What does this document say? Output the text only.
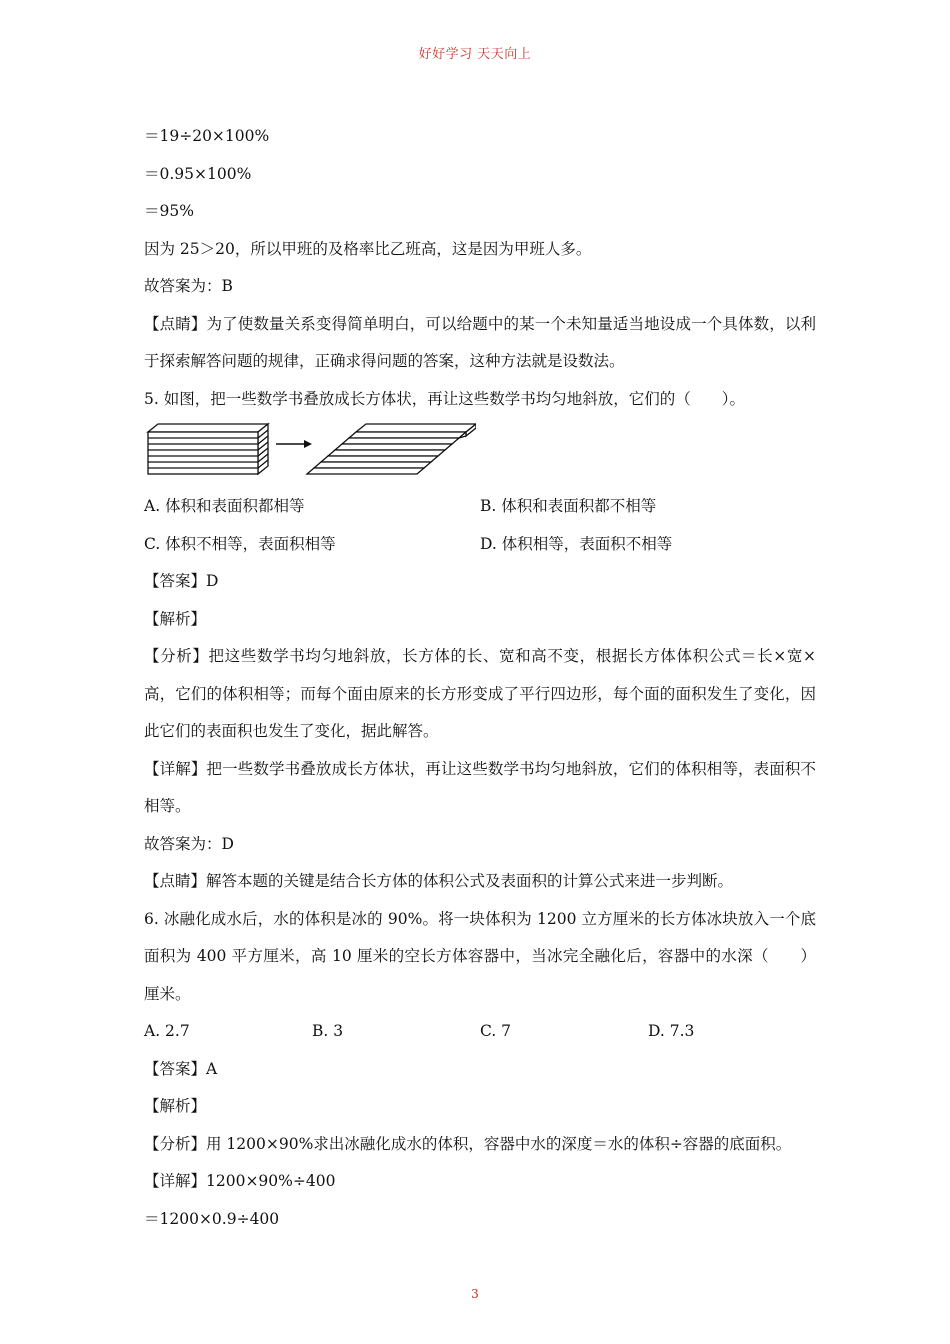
好好学习 天天向上
＝19÷20×100%
＝0.95×100%
＝95%
因为 25＞20，所以甲班的及格率比乙班高，这是因为甲班人多。
故答案为：B
【点睛】为了使数量关系变得简单明白，可以给题中的某一个未知量适当地设成一个具体数，以利于探索解答问题的规律，正确求得问题的答案，这种方法就是设数法。
5. 如图，把一些数学书叠放成长方体状，再让这些数学书均匀地斜放，它们的（　　）。
A. 体积和表面积都相等	B. 体积和表面积都不相等
C. 体积不相等，表面积相等	D. 体积相等，表面积不相等
【答案】D
【解析】
【分析】把这些数学书均匀地斜放，长方体的长、宽和高不变，根据长方体体积公式＝长×宽×高，它们的体积相等；而每个面由原来的长方形变成了平行四边形，每个面的面积发生了变化，因此它们的表面积也发生了变化，据此解答。
【详解】把一些数学书叠放成长方体状，再让这些数学书均匀地斜放，它们的体积相等，表面积不相等。
故答案为：D
【点睛】解答本题的关键是结合长方体的体积公式及表面积的计算公式来进一步判断。
6. 冰融化成水后，水的体积是冰的 90%。将一块体积为 1200 立方厘米的长方体冰块放入一个底面积为 400 平方厘米，高 10 厘米的空长方体容器中，当冰完全融化后，容器中的水深（　　）厘米。
A. 2.7	B. 3	C. 7	D. 7.3
【答案】A
【解析】
【分析】用 1200×90%求出冰融化成水的体积，容器中水的深度＝水的体积÷容器的底面积。
【详解】1200×90%÷400
＝1200×0.9÷400
3
